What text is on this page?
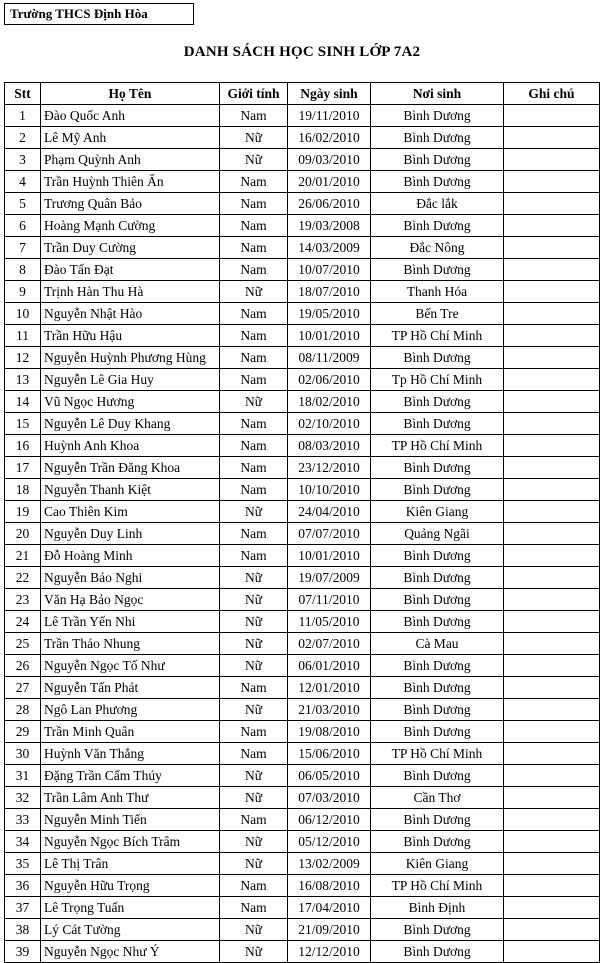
Trường THCS Định Hòa
DANH SÁCH HỌC SINH LỚP 7A2
Stt	Họ Tên	Giới tính	Ngày sinh	Nơi sinh	Ghi chú
1	Đào Quốc Anh	Nam	19/11/2010	Bình Dương	
2	Lê Mỹ Anh	Nữ	16/02/2010	Bình Dương	
3	Phạm Quỳnh Anh	Nữ	09/03/2010	Bình Dương	
4	Trần Huỳnh Thiên Ấn	Nam	20/01/2010	Bình Dương	
5	Trương Quân Bảo	Nam	26/06/2010	Đắc lắk	
6	Hoàng Mạnh Cường	Nam	19/03/2008	Bình Dương	
7	Trần Duy Cường	Nam	14/03/2009	Đắc Nông	
8	Đào Tấn Đạt	Nam	10/07/2010	Bình Dương	
9	Trịnh Hàn Thu Hà	Nữ	18/07/2010	Thanh Hóa	
10	Nguyễn Nhật Hào	Nam	19/05/2010	Bến Tre	
11	Trần Hữu Hậu	Nam	10/01/2010	TP Hồ Chí Minh	
12	Nguyễn Huỳnh Phương Hùng	Nam	08/11/2009	Bình Dương	
13	Nguyễn Lê Gia Huy	Nam	02/06/2010	Tp Hồ Chí Minh	
14	Vũ Ngọc Hương	Nữ	18/02/2010	Bình Dương	
15	Nguyễn Lê Duy Khang	Nam	02/10/2010	Bình Dương	
16	Huỳnh Anh Khoa	Nam	08/03/2010	TP Hồ Chí Minh	
17	Nguyễn Trần Đăng Khoa	Nam	23/12/2010	Bình Dương	
18	Nguyễn Thanh Kiệt	Nam	10/10/2010	Bình Dương	
19	Cao Thiên Kim	Nữ	24/04/2010	Kiên Giang	
20	Nguyễn Duy Linh	Nam	07/07/2010	Quảng Ngãi	
21	Đỗ Hoàng Minh	Nam	10/01/2010	Bình Dương	
22	Nguyễn Bảo Nghi	Nữ	19/07/2009	Bình Dương	
23	Văn Hạ Bảo Ngọc	Nữ	07/11/2010	Bình Dương	
24	Lê Trần Yến Nhi	Nữ	11/05/2010	Bình Dương	
25	Trần Thảo Nhung	Nữ	02/07/2010	Cà Mau	
26	Nguyễn Ngọc Tố Như	Nữ	06/01/2010	Bình Dương	
27	Nguyễn Tấn Phát	Nam	12/01/2010	Bình Dương	
28	Ngô Lan Phương	Nữ	21/03/2010	Bình Dương	
29	Trần Minh Quân	Nam	19/08/2010	Bình Dương	
30	Huỳnh Văn Thắng	Nam	15/06/2010	TP Hồ Chí Minh	
31	Đặng Trần Cẩm Thúy	Nữ	06/05/2010	Bình Dương	
32	Trần Lâm Anh Thư	Nữ	07/03/2010	Cần Thơ	
33	Nguyễn Minh Tiến	Nam	06/12/2010	Bình Dương	
34	Nguyễn Ngọc Bích Trâm	Nữ	05/12/2010	Bình Dương	
35	Lê Thị Trân	Nữ	13/02/2009	Kiên Giang	
36	Nguyễn Hữu Trọng	Nam	16/08/2010	TP Hồ Chí Minh	
37	Lê Trọng Tuấn	Nam	17/04/2010	Bình Định	
38	Lý Cát Tường	Nữ	21/09/2010	Bình Dương	
39	Nguyễn Ngọc Như Ý	Nữ	12/12/2010	Bình Dương	
